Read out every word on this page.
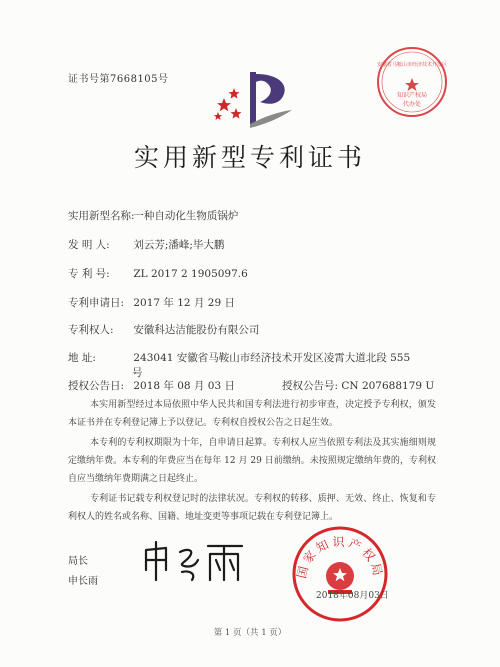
安徽省马鞍山市经济技术开发区
知识产权局
代办处
证书号第7668105号
实用新型专利证书
实用新型名称: 一种自动化生物质锅炉
发 明 人: 刘云芳;潘峰;毕大鹏
专 利 号: ZL 2017 2 1905097.6
专利申请日: 2017 年 12 月 29 日
专利权人: 安徽科达洁能股份有限公司
地 址:	243041 安徽省马鞍山市经济技术开发区凌霄大道北段 555
号
授权公告日: 2018 年 08 月 03 日	授权公告号: CN 207688179 U
本实用新型经过本局依照中华人民共和国专利法进行初步审查，决定授予专利权，颁发本证书并在专利登记簿上予以登记。专利权自授权公告之日起生效。
本专利的专利权期限为十年，自申请日起算。专利权人应当依照专利法及其实施细则规定缴纳年费。本专利的年费应当在每年 12 月 29 日前缴纳。未按照规定缴纳年费的，专利权自应当缴纳年费期满之日起终止。
专利证书记载专利权登记时的法律状况。专利权的转移、质押、无效、终止、恢复和专利权人的姓名或名称、国籍、地址变更等事项记载在专利登记簿上。
局长
申长雨
国家知识产权局
2018年08月03日
第 1 页（共 1 页）
